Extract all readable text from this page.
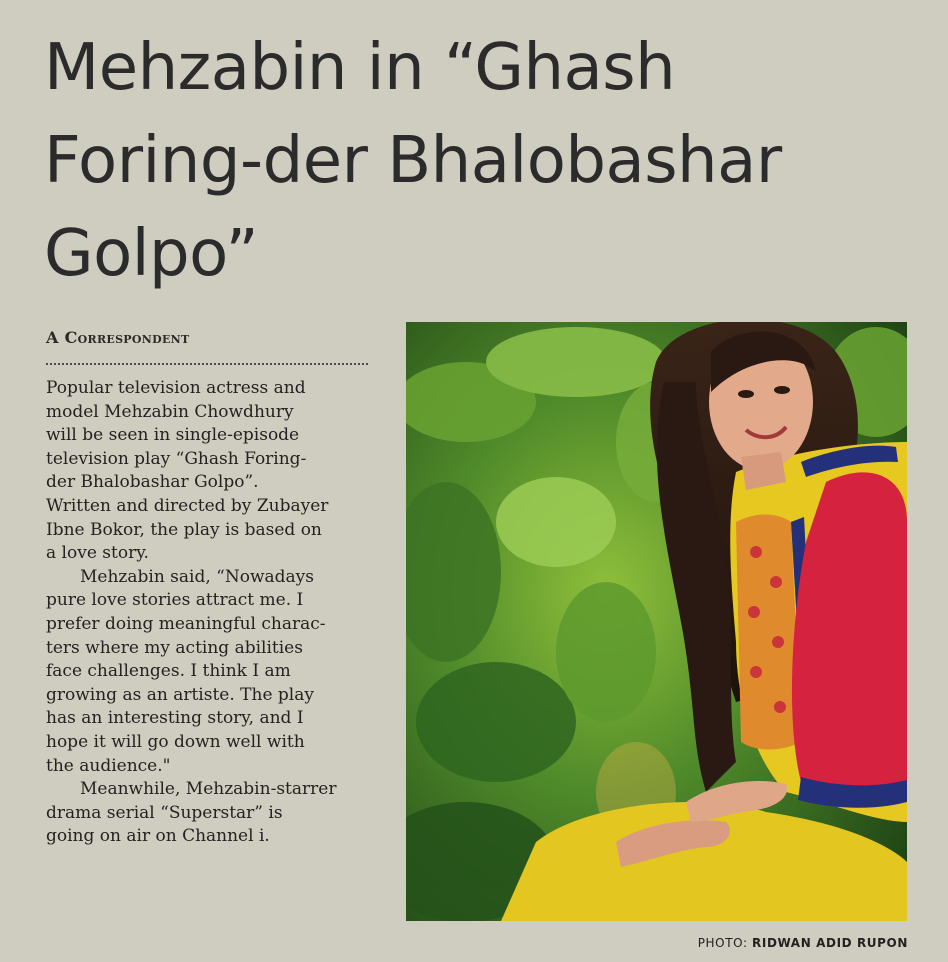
Mehzabin in “Ghash
Foring-der Bhalobashar
Golpo”
A Correspondent

Popular television actress and
model Mehzabin Chowdhury
will be seen in single-episode
television play “Ghash Foring-
der Bhalobashar Golpo”.
Written and directed by Zubayer
Ibne Bokor, the play is based on
a love story.

Mehzabin said, “Nowadays
pure love stories attract me. I
prefer doing meaningful charac-
ters where my acting abilities
face challenges. I think I am
growing as an artiste. The play
has an interesting story, and I
hope it will go down well with
the audience."

Meanwhile, Mehzabin-starrer
drama serial “Superstar” is
going on air on Channel i.

PHOTO: RIDWAN ADID RUPON
